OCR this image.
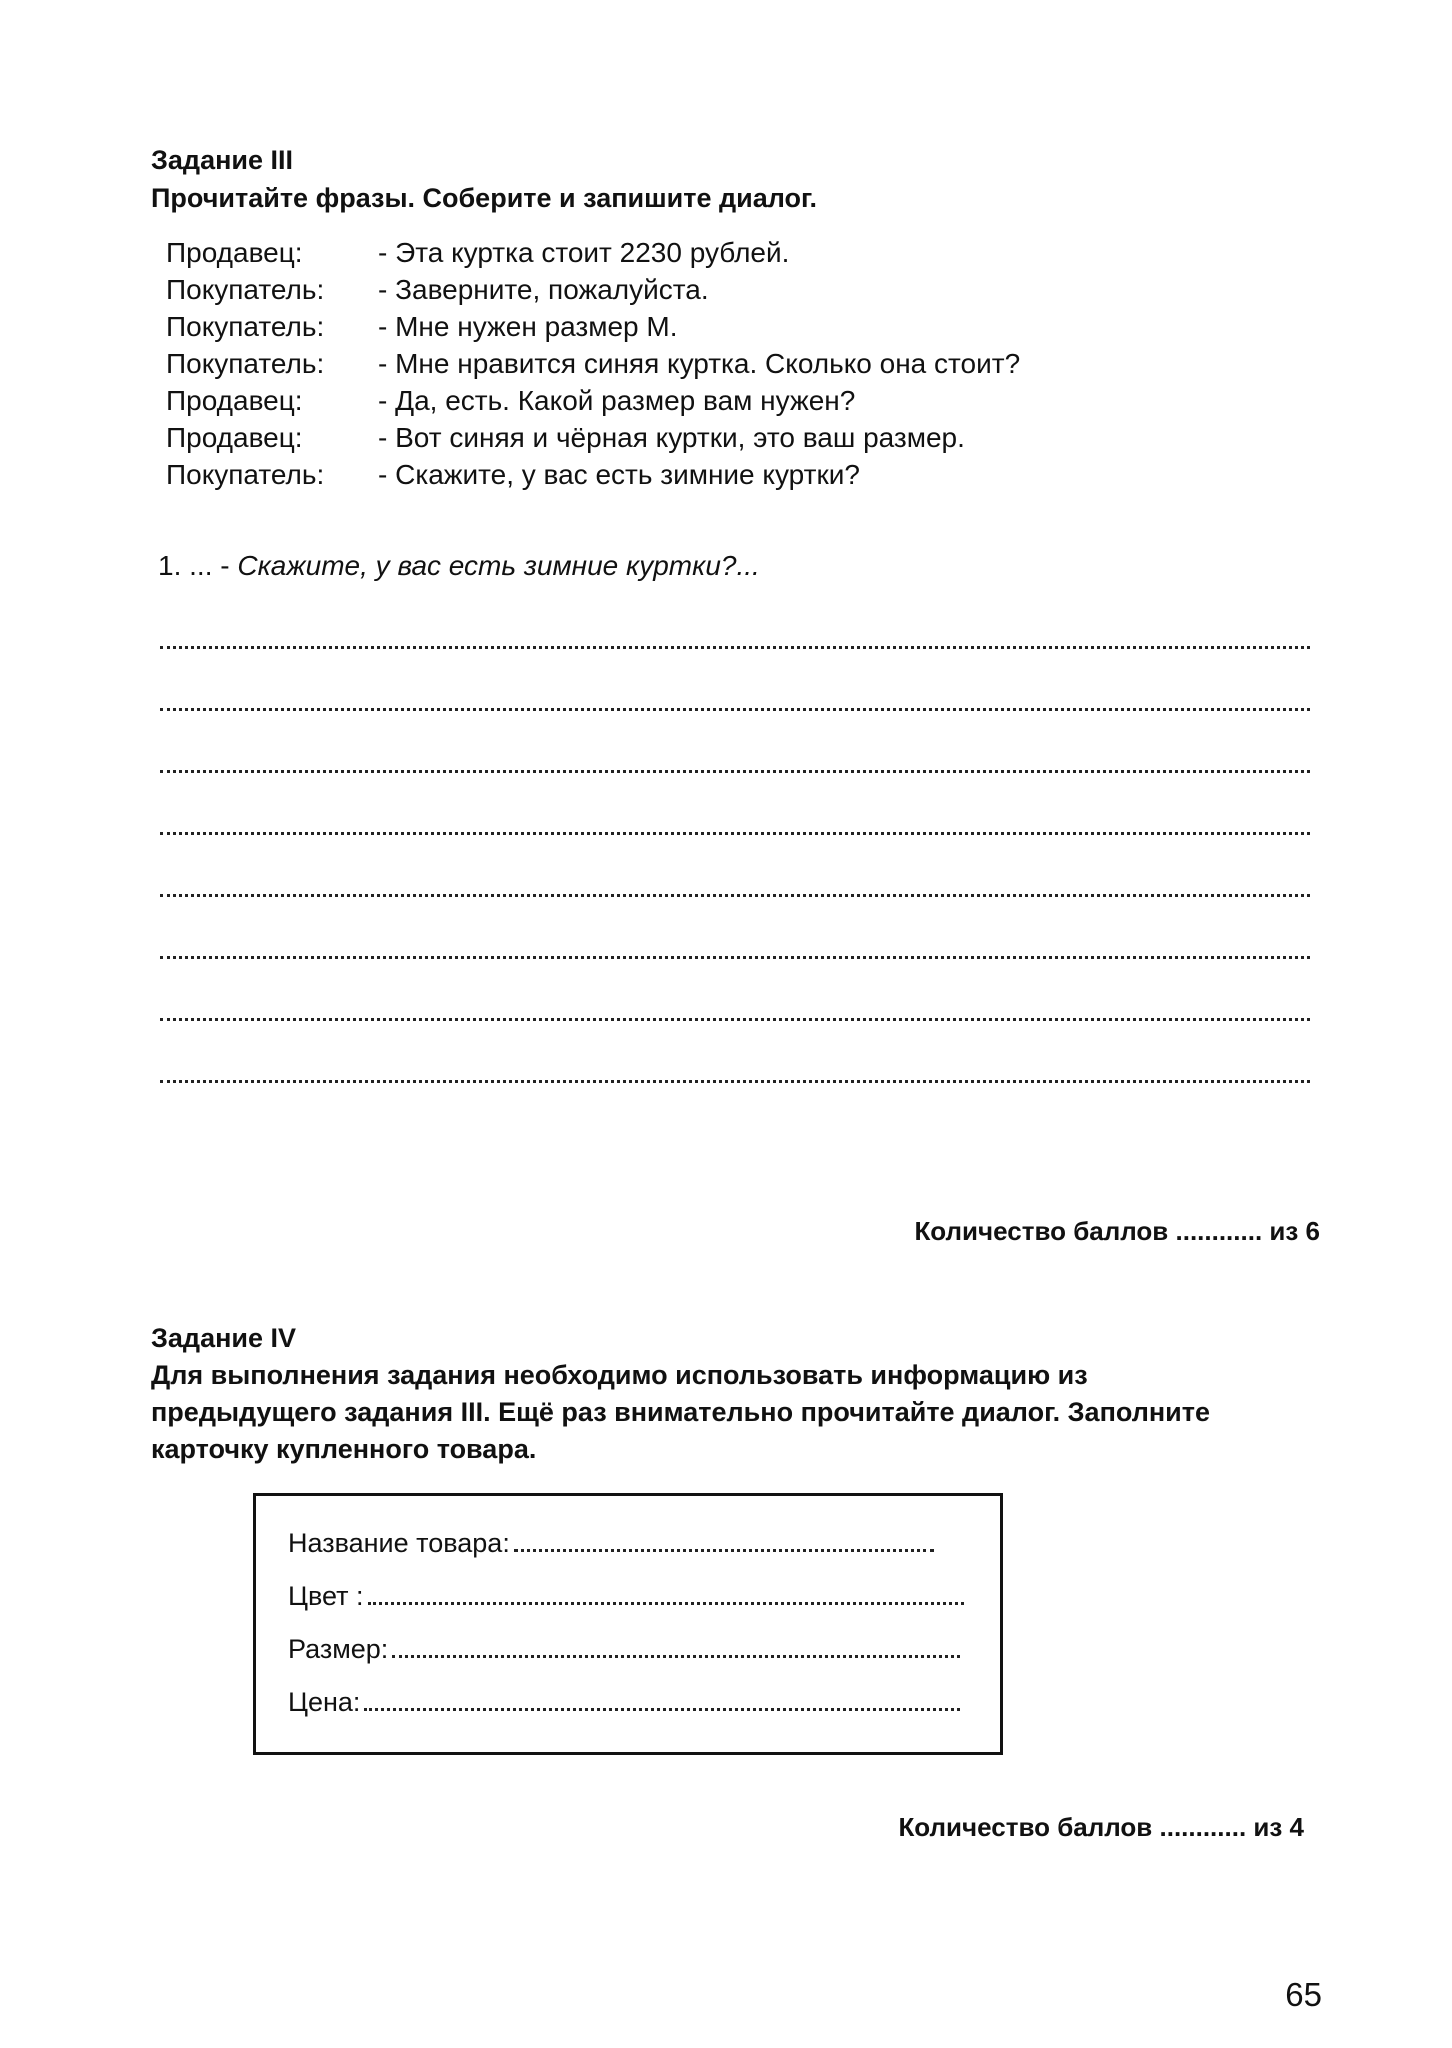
Задание III
Прочитайте фразы. Соберите и запишите диалог.
Продавец:	- Эта куртка стоит 2230 рублей.
Покупатель: - Заверните, пожалуйста.
Покупатель: - Мне нужен размер M.
Покупатель: - Мне нравится синяя куртка. Сколько она стоит?
Продавец:	- Да, есть. Какой размер вам нужен?
Продавец:	- Вот синяя и чёрная куртки, это ваш размер.
Покупатель: - Скажите, у вас есть зимние куртки?
1. ... - Скажите, у вас есть зимние куртки?...
Количество баллов ............ из 6
Задание IV
Для выполнения задания необходимо использовать информацию из
предыдущего задания III. Ещё раз внимательно прочитайте диалог. Заполните
карточку купленного товара.
Название товара:
Цвет :
Размер:
Цена:
Количество баллов ............ из 4
65
